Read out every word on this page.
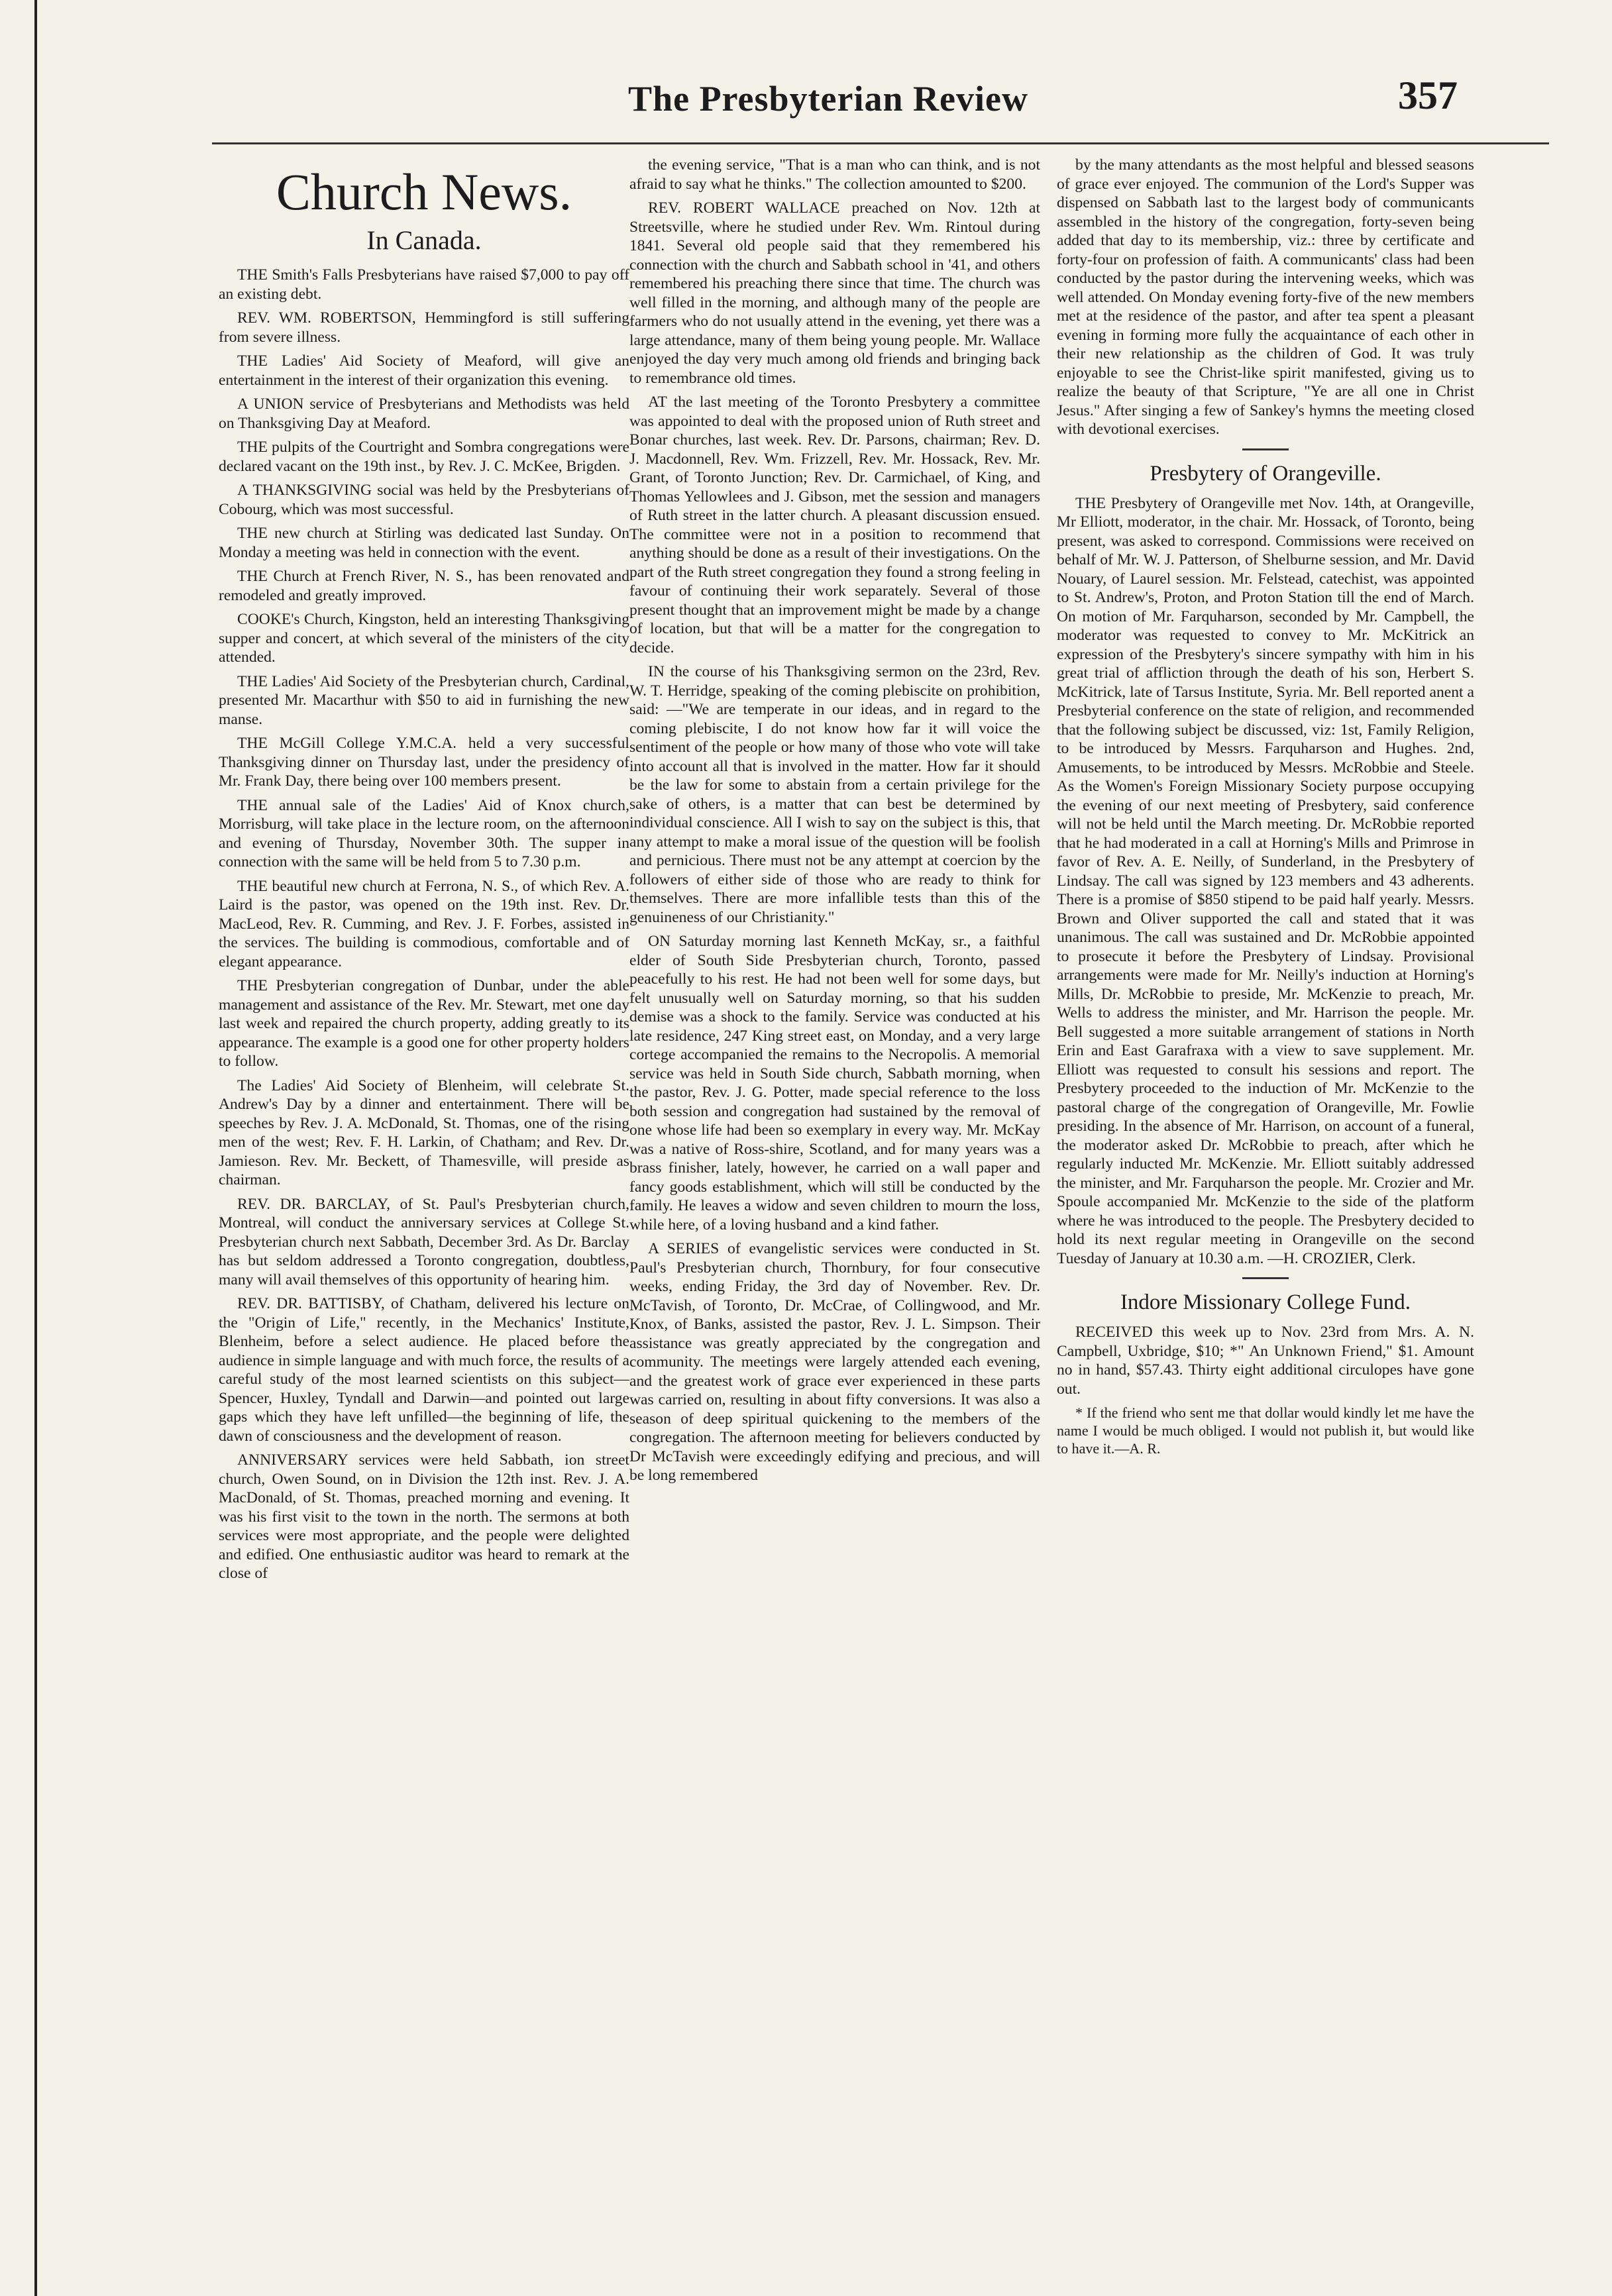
The Presbyterian Review	357
Church News.
In Canada.

THE Smith's Falls Presbyterians have raised $7,000 to pay off an existing debt.

REV. WM. ROBERTSON, Hemmingford is still suffering from severe illness.

THE Ladies' Aid Society of Meaford, will give an entertainment in the interest of their organization this evening.

A UNION service of Presbyterians and Methodists was held on Thanksgiving Day at Meaford.

THE pulpits of the Courtright and Sombra congregations were declared vacant on the 19th inst., by Rev. J. C. McKee, Brigden.

A THANKSGIVING social was held by the Presbyterians of Cobourg, which was most successful.

THE new church at Stirling was dedicated last Sunday. On Monday a meeting was held in connection with the event.

THE Church at French River, N. S., has been renovated and remodeled and greatly improved.

COOKE's Church, Kingston, held an interesting Thanksgiving supper and concert, at which several of the ministers of the city attended.

THE Ladies' Aid Society of the Presbyterian church, Cardinal, presented Mr. Macarthur with $50 to aid in furnishing the new manse.

THE McGill College Y.M.C.A. held a very successful Thanksgiving dinner on Thursday last, under the presidency of Mr. Frank Day, there being over 100 members present.

THE annual sale of the Ladies' Aid of Knox church, Morrisburg, will take place in the lecture room, on the afternoon and evening of Thursday, November 30th. The supper in connection with the same will be held from 5 to 7.30 p.m.

THE beautiful new church at Ferrona, N. S., of which Rev. A. Laird is the pastor, was opened on the 19th inst. Rev. Dr. MacLeod, Rev. R. Cumming, and Rev. J. F. Forbes, assisted in the services. The building is commodious, comfortable and of elegant appearance.

THE Presbyterian congregation of Dunbar, under the able management and assistance of the Rev. Mr. Stewart, met one day last week and repaired the church property, adding greatly to its appearance. The example is a good one for other property holders to follow.

The Ladies' Aid Society of Blenheim, will celebrate St. Andrew's Day by a dinner and entertainment. There will be speeches by Rev. J. A. McDonald, St. Thomas, one of the rising men of the west; Rev. F. H. Larkin, of Chatham; and Rev. Dr. Jamieson. Rev. Mr. Beckett, of Thamesville, will preside as chairman.

REV. DR. BARCLAY, of St. Paul's Presbyterian church, Montreal, will conduct the anniversary services at College St. Presbyterian church next Sabbath, December 3rd. As Dr. Barclay has but seldom addressed a Toronto congregation, doubtless, many will avail themselves of this opportunity of hearing him.

REV. DR. BATTISBY, of Chatham, delivered his lecture on the "Origin of Life," recently, in the Mechanics' Institute, Blenheim, before a select audience. He placed before the audience in simple language and with much force, the results of a careful study of the most learned scientists on this subject—Spencer, Huxley, Tyndall and Darwin—and pointed out large gaps which they have left unfilled—the beginning of life, the dawn of consciousness and the development of reason.

ANNIVERSARY services were held Sabbath, ion street church, Owen Sound, on in Division the 12th inst. Rev. J. A. MacDonald, of St. Thomas, preached morning and evening. It was his first visit to the town in the north. The sermons at both services were most appropriate, and the people were delighted and edified. One enthusiastic auditor was heard to remark at the close of

the evening service, "That is a man who can think, and is not afraid to say what he thinks." The collection amounted to $200.

REV. ROBERT WALLACE preached on Nov. 12th at Streetsville, where he studied under Rev. Wm. Rintoul during 1841. Several old people said that they remembered his connection with the church and Sabbath school in '41, and others remembered his preaching there since that time. The church was well filled in the morning, and although many of the people are farmers who do not usually attend in the evening, yet there was a large attendance, many of them being young people. Mr. Wallace enjoyed the day very much among old friends and bringing back to remembrance old times.

AT the last meeting of the Toronto Presbytery a committee was appointed to deal with the proposed union of Ruth street and Bonar churches, last week. Rev. Dr. Parsons, chairman; Rev. D. J. Macdonnell, Rev. Wm. Frizzell, Rev. Mr. Hossack, Rev. Mr. Grant, of Toronto Junction; Rev. Dr. Carmichael, of King, and Thomas Yellowlees and J. Gibson, met the session and managers of Ruth street in the latter church. A pleasant discussion ensued. The committee were not in a position to recommend that anything should be done as a result of their investigations. On the part of the Ruth street congregation they found a strong feeling in favour of continuing their work separately. Several of those present thought that an improvement might be made by a change of location, but that will be a matter for the congregation to decide.

IN the course of his Thanksgiving sermon on the 23rd, Rev. W. T. Herridge, speaking of the coming plebiscite on prohibition, said: —"We are temperate in our ideas, and in regard to the coming plebiscite, I do not know how far it will voice the sentiment of the people or how many of those who vote will take into account all that is involved in the matter. How far it should be the law for some to abstain from a certain privilege for the sake of others, is a matter that can best be determined by individual conscience. All I wish to say on the subject is this, that any attempt to make a moral issue of the question will be foolish and pernicious. There must not be any attempt at coercion by the followers of either side of those who are ready to think for themselves. There are more infallible tests than this of the genuineness of our Christianity."

ON Saturday morning last Kenneth McKay, sr., a faithful elder of South Side Presbyterian church, Toronto, passed peacefully to his rest. He had not been well for some days, but felt unusually well on Saturday morning, so that his sudden demise was a shock to the family. Service was conducted at his late residence, 247 King street east, on Monday, and a very large cortege accompanied the remains to the Necropolis. A memorial service was held in South Side church, Sabbath morning, when the pastor, Rev. J. G. Potter, made special reference to the loss both session and congregation had sustained by the removal of one whose life had been so exemplary in every way. Mr. McKay was a native of Ross-shire, Scotland, and for many years was a brass finisher, lately, however, he carried on a wall paper and fancy goods establishment, which will still be conducted by the family. He leaves a widow and seven children to mourn the loss, while here, of a loving husband and a kind father.

A SERIES of evangelistic services were conducted in St. Paul's Presbyterian church, Thornbury, for four consecutive weeks, ending Friday, the 3rd day of November. Rev. Dr. McTavish, of Toronto, Dr. McCrae, of Collingwood, and Mr. Knox, of Banks, assisted the pastor, Rev. J. L. Simpson. Their assistance was greatly appreciated by the congregation and community. The meetings were largely attended each evening, and the greatest work of grace ever experienced in these parts was carried on, resulting in about fifty conversions. It was also a season of deep spiritual quickening to the members of the congregation. The afternoon meeting for believers conducted by Dr McTavish were exceedingly edifying and precious, and will be long remembered

by the many attendants as the most helpful and blessed seasons of grace ever enjoyed. The communion of the Lord's Supper was dispensed on Sabbath last to the largest body of communicants assembled in the history of the congregation, forty-seven being added that day to its membership, viz.: three by certificate and forty-four on profession of faith. A communicants' class had been conducted by the pastor during the intervening weeks, which was well attended. On Monday evening forty-five of the new members met at the residence of the pastor, and after tea spent a pleasant evening in forming more fully the acquaintance of each other in their new relationship as the children of God. It was truly enjoyable to see the Christ-like spirit manifested, giving us to realize the beauty of that Scripture, "Ye are all one in Christ Jesus." After singing a few of Sankey's hymns the meeting closed with devotional exercises.

Presbytery of Orangeville.

THE Presbytery of Orangeville met Nov. 14th, at Orangeville, Mr Elliott, moderator, in the chair. Mr. Hossack, of Toronto, being present, was asked to correspond. Commissions were received on behalf of Mr. W. J. Patterson, of Shelburne session, and Mr. David Nouary, of Laurel session. Mr. Felstead, catechist, was appointed to St. Andrew's, Proton, and Proton Station till the end of March. On motion of Mr. Farquharson, seconded by Mr. Campbell, the moderator was requested to convey to Mr. McKitrick an expression of the Presbytery's sincere sympathy with him in his great trial of affliction through the death of his son, Herbert S. McKitrick, late of Tarsus Institute, Syria. Mr. Bell reported anent a Presbyterial conference on the state of religion, and recommended that the following subject be discussed, viz: 1st, Family Religion, to be introduced by Messrs. Farquharson and Hughes. 2nd, Amusements, to be introduced by Messrs. McRobbie and Steele. As the Women's Foreign Missionary Society purpose occupying the evening of our next meeting of Presbytery, said conference will not be held until the March meeting. Dr. McRobbie reported that he had moderated in a call at Horning's Mills and Primrose in favor of Rev. A. E. Neilly, of Sunderland, in the Presbytery of Lindsay. The call was signed by 123 members and 43 adherents. There is a promise of $850 stipend to be paid half yearly. Messrs. Brown and Oliver supported the call and stated that it was unanimous. The call was sustained and Dr. McRobbie appointed to prosecute it before the Presbytery of Lindsay. Provisional arrangements were made for Mr. Neilly's induction at Horning's Mills, Dr. McRobbie to preside, Mr. McKenzie to preach, Mr. Wells to address the minister, and Mr. Harrison the people. Mr. Bell suggested a more suitable arrangement of stations in North Erin and East Garafraxa with a view to save supplement. Mr. Elliott was requested to consult his sessions and report. The Presbytery proceeded to the induction of Mr. McKenzie to the pastoral charge of the congregation of Orangeville, Mr. Fowlie presiding. In the absence of Mr. Harrison, on account of a funeral, the moderator asked Dr. McRobbie to preach, after which he regularly inducted Mr. McKenzie. Mr. Elliott suitably addressed the minister, and Mr. Farquharson the people. Mr. Crozier and Mr. Spoule accompanied Mr. McKenzie to the side of the platform where he was introduced to the people. The Presbytery decided to hold its next regular meeting in Orangeville on the second Tuesday of January at 10.30 a.m. —H. CROZIER, Clerk.

Indore Missionary College Fund.

RECEIVED this week up to Nov. 23rd from Mrs. A. N. Campbell, Uxbridge, $10; *" An Unknown Friend," $1. Amount no in hand, $57.43. Thirty eight additional circulopes have gone out.

* If the friend who sent me that dollar would kindly let me have the name I would be much obliged. I would not publish it, but would like to have it.—A. R.
